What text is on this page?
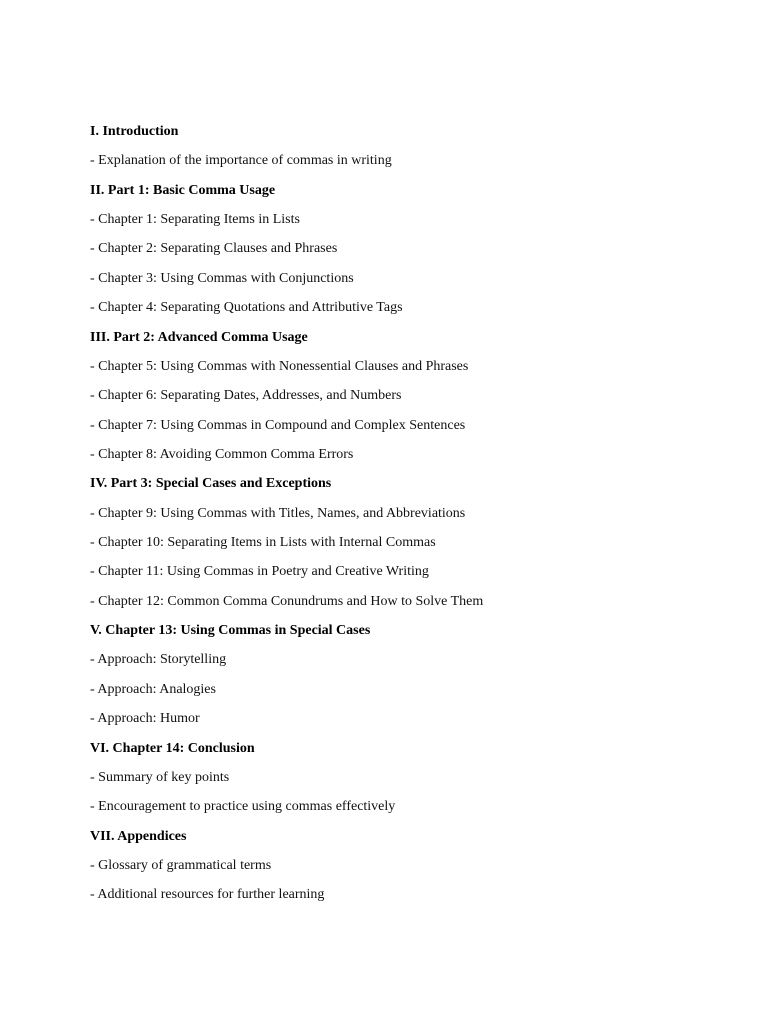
I. Introduction
- Explanation of the importance of commas in writing
II. Part 1: Basic Comma Usage
- Chapter 1: Separating Items in Lists
- Chapter 2: Separating Clauses and Phrases
- Chapter 3: Using Commas with Conjunctions
- Chapter 4: Separating Quotations and Attributive Tags
III. Part 2: Advanced Comma Usage
- Chapter 5: Using Commas with Nonessential Clauses and Phrases
- Chapter 6: Separating Dates, Addresses, and Numbers
- Chapter 7: Using Commas in Compound and Complex Sentences
- Chapter 8: Avoiding Common Comma Errors
IV. Part 3: Special Cases and Exceptions
- Chapter 9: Using Commas with Titles, Names, and Abbreviations
- Chapter 10: Separating Items in Lists with Internal Commas
- Chapter 11: Using Commas in Poetry and Creative Writing
- Chapter 12: Common Comma Conundrums and How to Solve Them
V. Chapter 13: Using Commas in Special Cases
- Approach: Storytelling
- Approach: Analogies
- Approach: Humor
VI. Chapter 14: Conclusion
- Summary of key points
- Encouragement to practice using commas effectively
VII. Appendices
- Glossary of grammatical terms
- Additional resources for further learning
